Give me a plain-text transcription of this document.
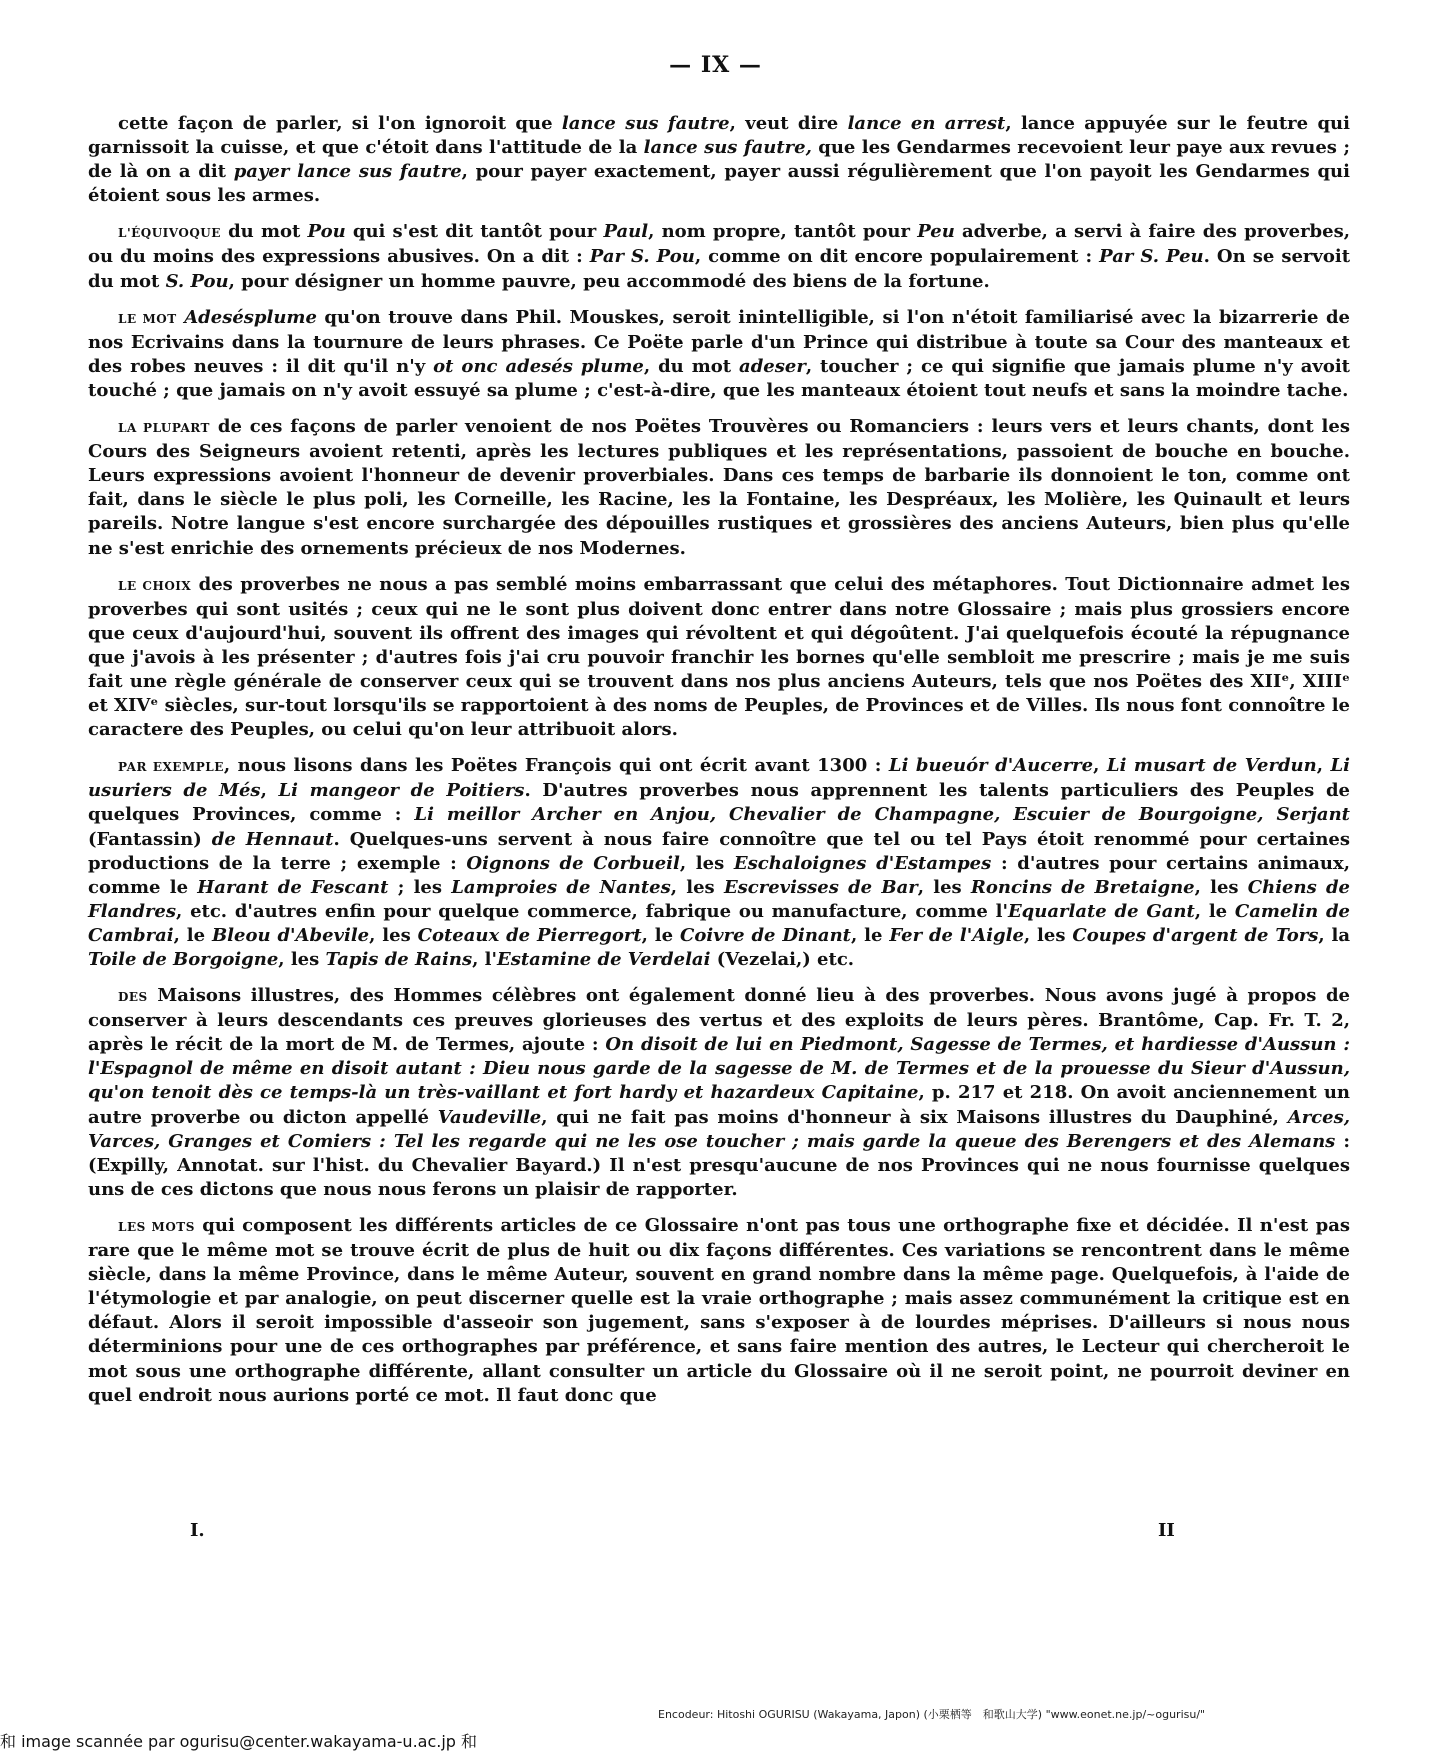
— IX —

cette façon de parler, si l'on ignoroit que lance sus fautre, veut dire lance en arrest, lance appuyée sur le feutre qui garnissoit la cuisse, et que c'étoit dans l'attitude de la lance sus fautre, que les Gendarmes recevoient leur paye aux revues ; de là on a dit payer lance sus fautre, pour payer exactement, payer aussi régulièrement que l'on payoit les Gendarmes qui étoient sous les armes.

L'ÉQUIVOQUE du mot Pou qui s'est dit tantôt pour Paul, nom propre, tantôt pour Peu adverbe, a servi à faire des proverbes, ou du moins des expressions abusives. On a dit : Par S. Pou, comme on dit encore populairement : Par S. Peu. On se servoit du mot S. Pou, pour désigner un homme pauvre, peu accommodé des biens de la fortune.

LE MOT Adesésplume qu'on trouve dans Phil. Mouskes, seroit inintelligible, si l'on n'étoit familiarisé avec la bizarrerie de nos Ecrivains dans la tournure de leurs phrases. Ce Poëte parle d'un Prince qui distribue à toute sa Cour des manteaux et des robes neuves : il dit qu'il n'y ot onc adesés plume, du mot adeser, toucher ; ce qui signifie que jamais plume n'y avoit touché ; que jamais on n'y avoit essuyé sa plume ; c'est-à-dire, que les manteaux étoient tout neufs et sans la moindre tache.

LA PLUPART de ces façons de parler venoient de nos Poëtes Trouvères ou Romanciers : leurs vers et leurs chants, dont les Cours des Seigneurs avoient retenti, après les lectures publiques et les représentations, passoient de bouche en bouche. Leurs expressions avoient l'honneur de devenir proverbiales. Dans ces temps de barbarie ils donnoient le ton, comme ont fait, dans le siècle le plus poli, les Corneille, les Racine, les la Fontaine, les Despréaux, les Molière, les Quinault et leurs pareils. Notre langue s'est encore surchargée des dépouilles rustiques et grossières des anciens Auteurs, bien plus qu'elle ne s'est enrichie des ornements précieux de nos Modernes.

LE CHOIX des proverbes ne nous a pas semblé moins embarrassant que celui des métaphores. Tout Dictionnaire admet les proverbes qui sont usités ; ceux qui ne le sont plus doivent donc entrer dans notre Glossaire ; mais plus grossiers encore que ceux d'aujourd'hui, souvent ils offrent des images qui révoltent et qui dégoûtent. J'ai quelquefois écouté la répugnance que j'avois à les présenter ; d'autres fois j'ai cru pouvoir franchir les bornes qu'elle sembloit me prescrire ; mais je me suis fait une règle générale de conserver ceux qui se trouvent dans nos plus anciens Auteurs, tels que nos Poëtes des XIIᵉ, XIIIᵉ et XIVᵉ siècles, sur-tout lorsqu'ils se rapportoient à des noms de Peuples, de Provinces et de Villes. Ils nous font connoître le caractere des Peuples, ou celui qu'on leur attribuoit alors.

PAR EXEMPLE, nous lisons dans les Poëtes François qui ont écrit avant 1300 : Li bueuór d'Aucerre, Li musart de Verdun, Li usuriers de Més, Li mangeor de Poitiers. D'autres proverbes nous apprennent les talents particuliers des Peuples de quelques Provinces, comme : Li meillor Archer en Anjou, Chevalier de Champagne, Escuier de Bourgoigne, Serjant (Fantassin) de Hennaut. Quelques-uns servent à nous faire connoître que tel ou tel Pays étoit renommé pour certaines productions de la terre ; exemple : Oignons de Corbueil, les Eschaloignes d'Estampes : d'autres pour certains animaux, comme le Harant de Fescant ; les Lamproies de Nantes, les Escrevisses de Bar, les Roncins de Bretaigne, les Chiens de Flandres, etc. d'autres enfin pour quelque commerce, fabrique ou manufacture, comme l'Equarlate de Gant, le Camelin de Cambrai, le Bleou d'Abevile, les Coteaux de Pierregort, le Coivre de Dinant, le Fer de l'Aigle, les Coupes d'argent de Tors, la Toile de Borgoigne, les Tapis de Rains, l'Estamine de Verdelai (Vezelai,) etc.

DES Maisons illustres, des Hommes célèbres ont également donné lieu à des proverbes. Nous avons jugé à propos de conserver à leurs descendants ces preuves glorieuses des vertus et des exploits de leurs pères. Brantôme, Cap. Fr. T. 2, après le récit de la mort de M. de Termes, ajoute : On disoit de lui en Piedmont, Sagesse de Termes, et hardiesse d'Aussun : l'Espagnol de même en disoit autant : Dieu nous garde de la sagesse de M. de Termes et de la prouesse du Sieur d'Aussun, qu'on tenoit dès ce temps-là un très-vaillant et fort hardy et hazardeux Capitaine, p. 217 et 218. On avoit anciennement un autre proverbe ou dicton appellé Vaudeville, qui ne fait pas moins d'honneur à six Maisons illustres du Dauphiné, Arces, Varces, Granges et Comiers : Tel les regarde qui ne les ose toucher ; mais garde la queue des Berengers et des Alemans : (Expilly, Annotat. sur l'hist. du Chevalier Bayard.) Il n'est presqu'aucune de nos Provinces qui ne nous fournisse quelques uns de ces dictons que nous nous ferons un plaisir de rapporter.

LES MOTS qui composent les différents articles de ce Glossaire n'ont pas tous une orthographe fixe et décidée. Il n'est pas rare que le même mot se trouve écrit de plus de huit ou dix façons différentes. Ces variations se rencontrent dans le même siècle, dans la même Province, dans le même Auteur, souvent en grand nombre dans la même page. Quelquefois, à l'aide de l'étymologie et par analogie, on peut discerner quelle est la vraie orthographe ; mais assez communément la critique est en défaut. Alors il seroit impossible d'asseoir son jugement, sans s'exposer à de lourdes méprises. D'ailleurs si nous nous déterminions pour une de ces orthographes par préférence, et sans faire mention des autres, le Lecteur qui chercheroit le mot sous une orthographe différente, allant consulter un article du Glossaire où il ne seroit point, ne pourroit deviner en quel endroit nous aurions porté ce mot. Il faut donc que

I.	II
Encodeur: Hitoshi OGURISU (Wakayama, Japon) (小栗栖等　和歌山大学) "www.eonet.ne.jp/~ogurisu/"
和 image scannée par ogurisu@center.wakayama-u.ac.jp 和
